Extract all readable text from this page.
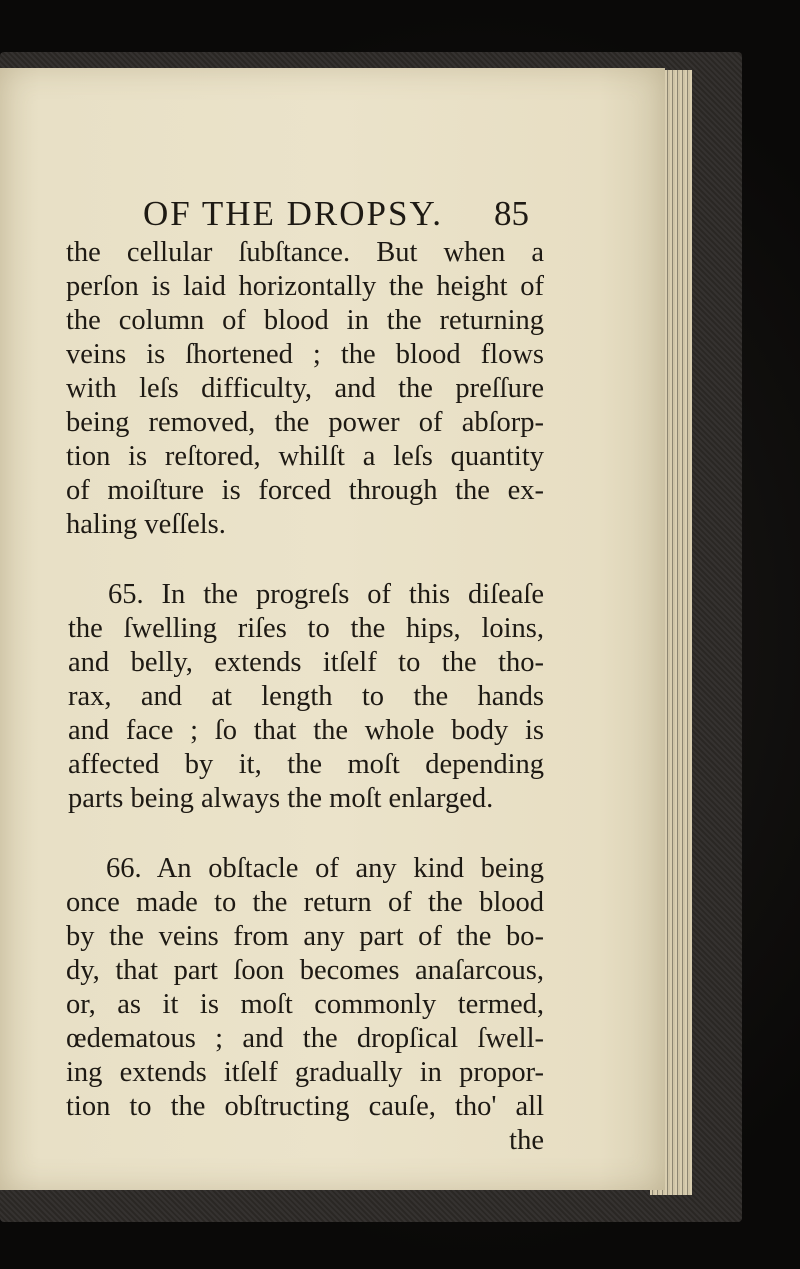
OF THE DROPSY. 85
the cellular ſubſtance. But when a
perſon is laid horizontally the height of
the column of blood in the returning
veins is ſhortened ; the blood flows
with leſs difficulty, and the preſſure
being removed, the power of abſorp-
tion is reſtored, whilſt a leſs quantity
of moiſture is forced through the ex-
haling veſſels.
65. In the progreſs of this diſeaſe
the ſwelling riſes to the hips, loins,
and belly, extends itſelf to the tho-
rax, and at length to the hands
and face ; ſo that the whole body is
affected by it, the moſt depending
parts being always the moſt enlarged.
66. An obſtacle of any kind being
once made to the return of the blood
by the veins from any part of the bo-
dy, that part ſoon becomes anaſarcous,
or, as it is moſt commonly termed,
œdematous ; and the dropſical ſwell-
ing extends itſelf gradually in propor-
tion to the obſtructing cauſe, tho' all
the
